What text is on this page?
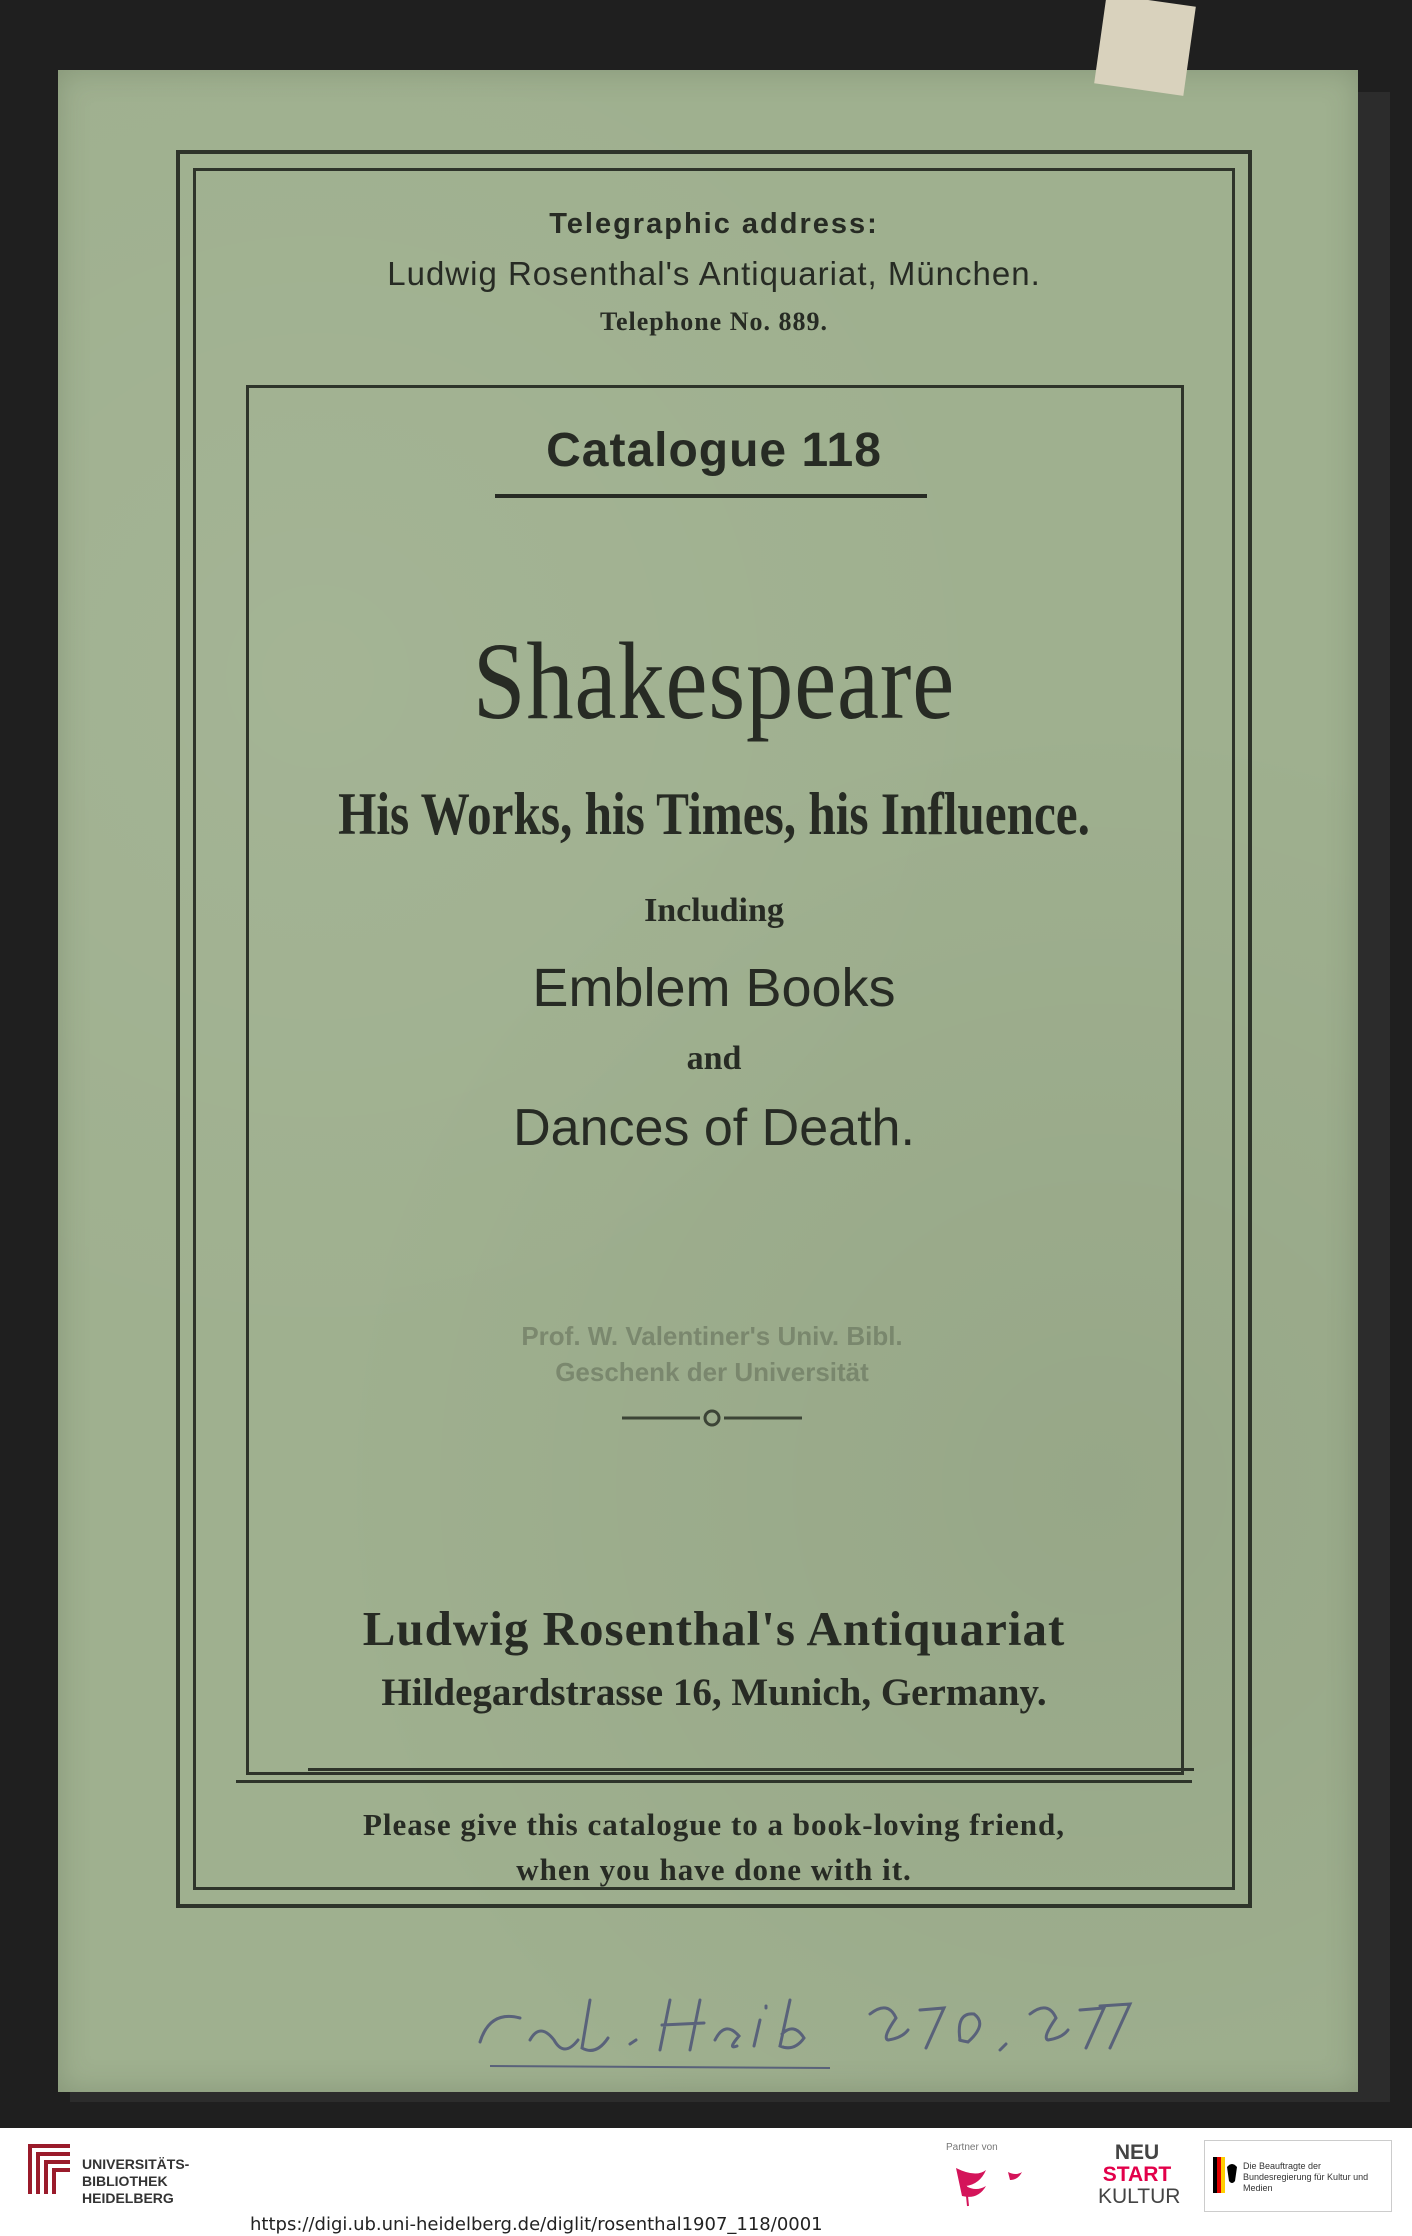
Telegraphic address:
Ludwig Rosenthal's Antiquariat, München.
Telephone No. 889.
Catalogue 118
Shakespeare
His Works, his Times, his Influence.
Including
Emblem Books
and
Dances of Death.
Prof. W. Valentiner's Univ. Bibl.
Geschenk der Universität
Ludwig Rosenthal's Antiquariat
Hildegardstrasse 16, Munich, Germany.
Please give this catalogue to a book-loving friend,
when you have done with it.
UNIVERSITÄTS-
BIBLIOTHEK
HEIDELBERG
Partner von	NEU
START
KULTUR
Die Beauftragte der Bundesregierung für Kultur und Medien
https://digi.ub.uni-heidelberg.de/diglit/rosenthal1907_118/0001
